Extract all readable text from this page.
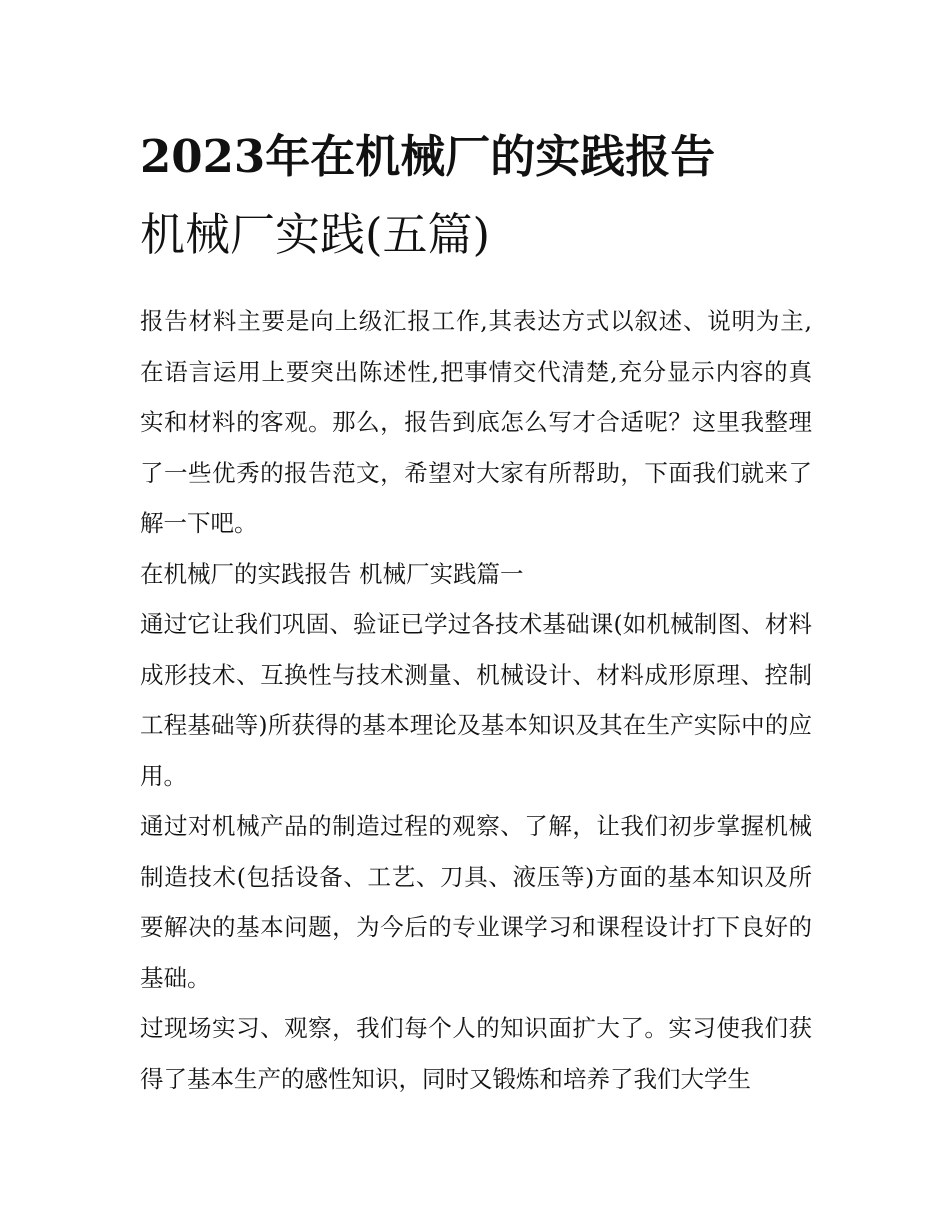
2023年在机械厂的实践报告
机械厂实践(五篇)

报告材料主要是向上级汇报工作,其表达方式以叙述、说明为主,在语言运用上要突出陈述性,把事情交代清楚,充分显示内容的真实和材料的客观。那么，报告到底怎么写才合适呢？这里我整理了一些优秀的报告范文，希望对大家有所帮助，下面我们就来了解一下吧。

在机械厂的实践报告 机械厂实践篇一

通过它让我们巩固、验证已学过各技术基础课(如机械制图、材料成形技术、互换性与技术测量、机械设计、材料成形原理、控制工程基础等)所获得的基本理论及基本知识及其在生产实际中的应用。

通过对机械产品的制造过程的观察、了解，让我们初步掌握机械制造技术(包括设备、工艺、刀具、液压等)方面的基本知识及所要解决的基本问题，为今后的专业课学习和课程设计打下良好的基础。

过现场实习、观察，我们每个人的知识面扩大了。实习使我们获得了基本生产的感性知识，同时又锻炼和培养了我们大学生
